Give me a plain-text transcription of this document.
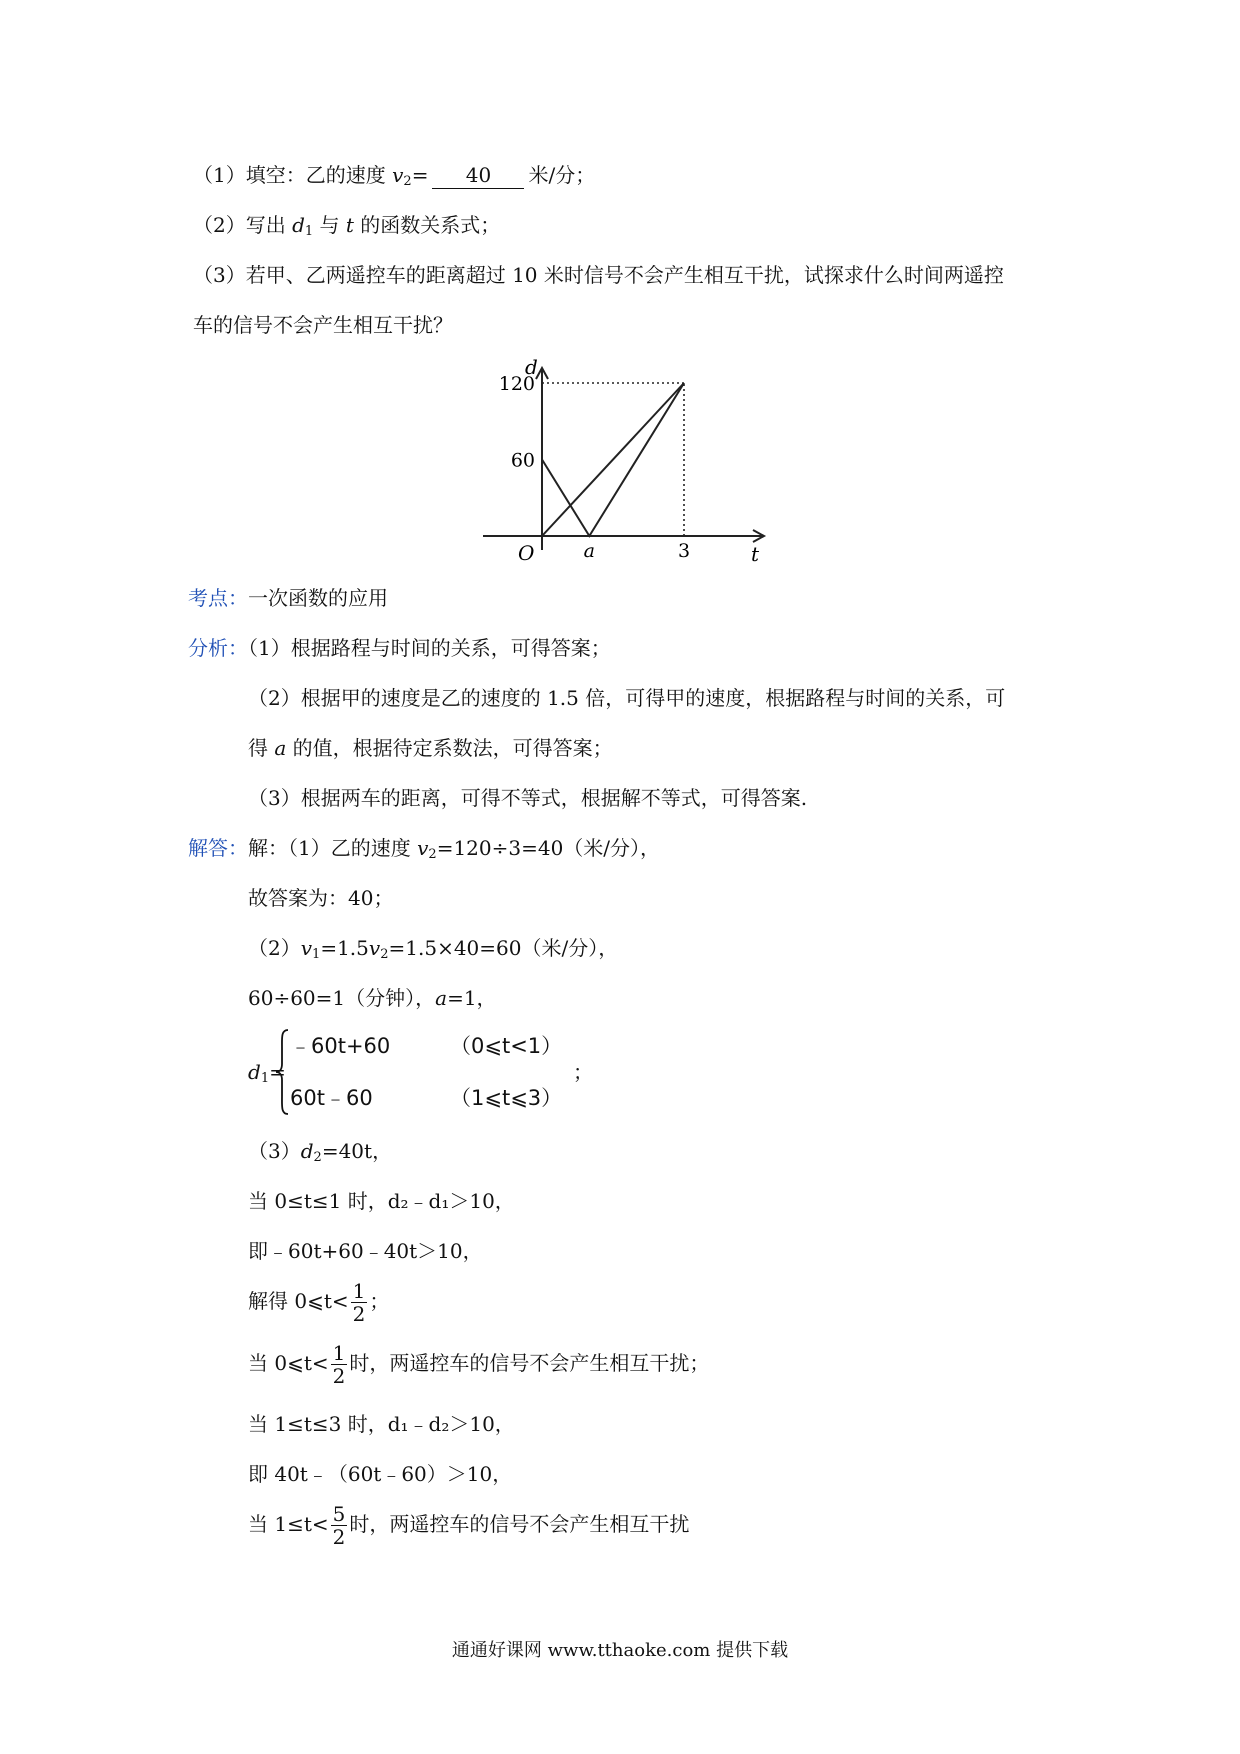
（1）填空：乙的速度 $v_2= 40$ 米/分；
（2）写出 $d_1$ 与 t 的函数关系式；
（3）若甲、乙两遥控车的距离超过 10 米时信号不会产生相互干扰，试探求什么时间两遥控
车的信号不会产生相互干扰？
d
t
O
120
60
a	3
考点：一次函数的应用
分析：（1）根据路程与时间的关系，可得答案；
（2）根据甲的速度是乙的速度的 1.5 倍，可得甲的速度，根据路程与时间的关系，可
得 a 的值，根据待定系数法，可得答案；
（3）根据两车的距离，可得不等式，根据解不等式，可得答案.
解答：解：（1）乙的速度 $v_2=120\div 3=40$（米/分），
故答案为：40；
$(2)v_1=1.5v_2=1.5\times 40=60$（米/分），
60÷60=1（分钟），a=1，
$d_1=$
﹣60t+60	（0⩽t<1）
60t﹣60	（1⩽t⩽3）
；
$(3)d_2=40t$，
当 0≤t≤1 时，d₂﹣d₁＞10，
即﹣60t+60﹣40t＞10，
解得 0⩽t< $\frac{1}{2}$ ；
当 0⩽t< $\frac{1}{2}$ 时，两遥控车的信号不会产生相互干扰；
当 1≤t≤3 时，d₁﹣d₂＞10，
即 40t﹣（60t﹣60）＞10，
当 $1\le t< \frac{5}{2}$ 时，两遥控车的信号不会产生相互干扰
通通好课网 www.tthaoke.com 提供下载
